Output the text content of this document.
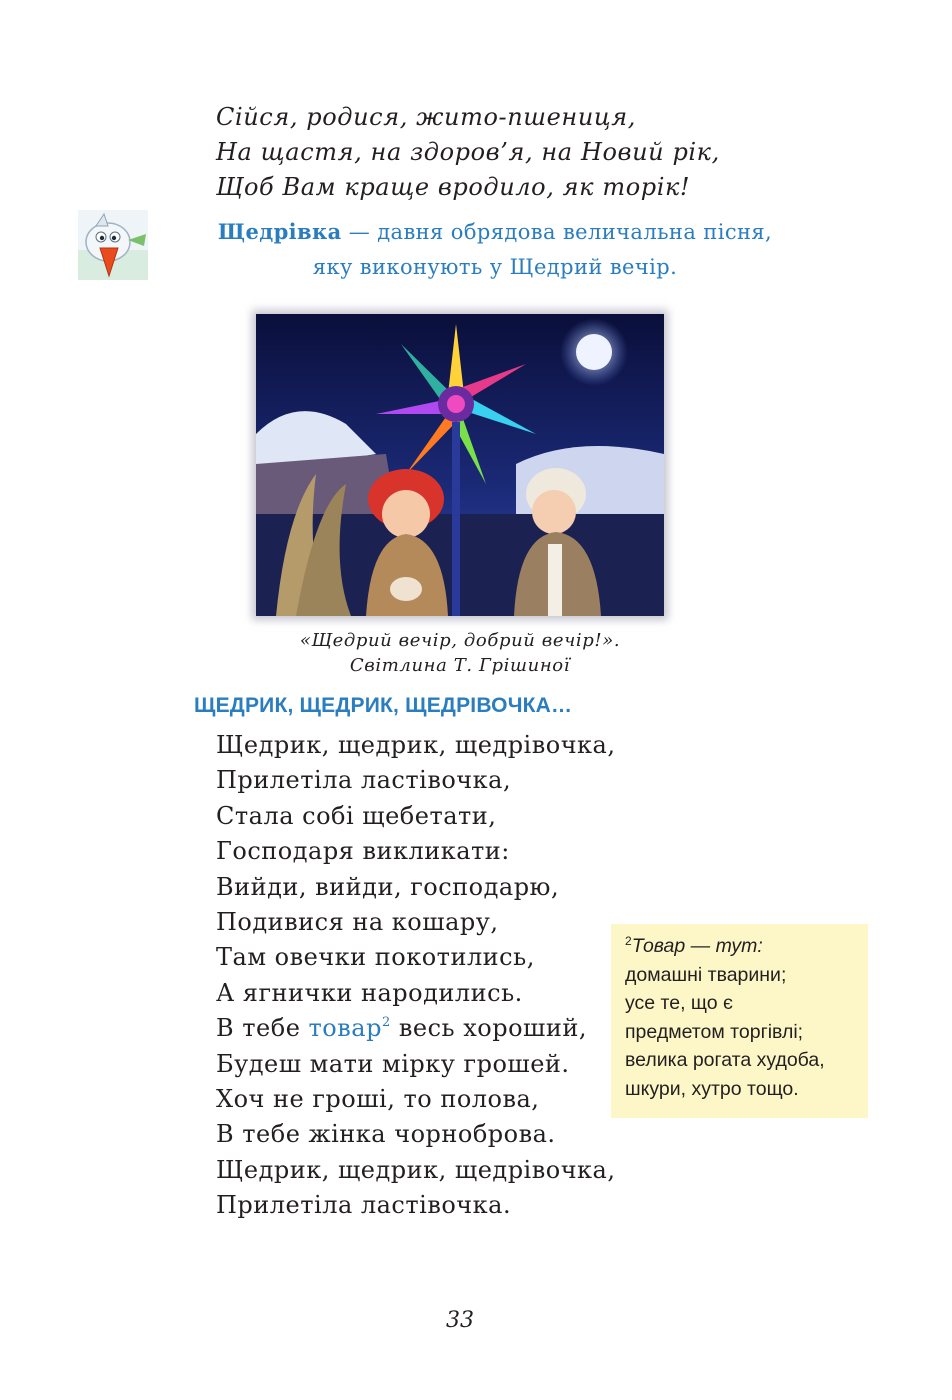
Сійся, родися, жито-пшениця,
На щастя, на здоров’я, на Новий рік,
Щоб Вам краще вродило, як торік!
Щедрівка — давня обрядова величальна пісня,
яку виконують у Щедрий вечір.
«Щедрий вечір, добрий вечір!».
Світлина Т. Грішиної
ЩЕДРИК, ЩЕДРИК, ЩЕДРІВОЧКА…
Щедрик, щедрик, щедрівочка,
Прилетіла ластівочка,
Стала собі щебетати,
Господаря викликати:
Вийди, вийди, господарю,
Подивися на кошару,
Там овечки покотились,
А ягнички народились.
В тебе товар$^2$ весь хороший,
Будеш мати мірку грошей.
Хоч не гроші, то полова,
В тебе жінка чорноброва.
Щедрик, щедрик, щедрівочка,
Прилетіла ластівочка.
$^2$Товар — тут:
домашні тварини;
усе те, що є
предметом торгівлі;
велика рогата худоба,
шкури, хутро тощо.
33
